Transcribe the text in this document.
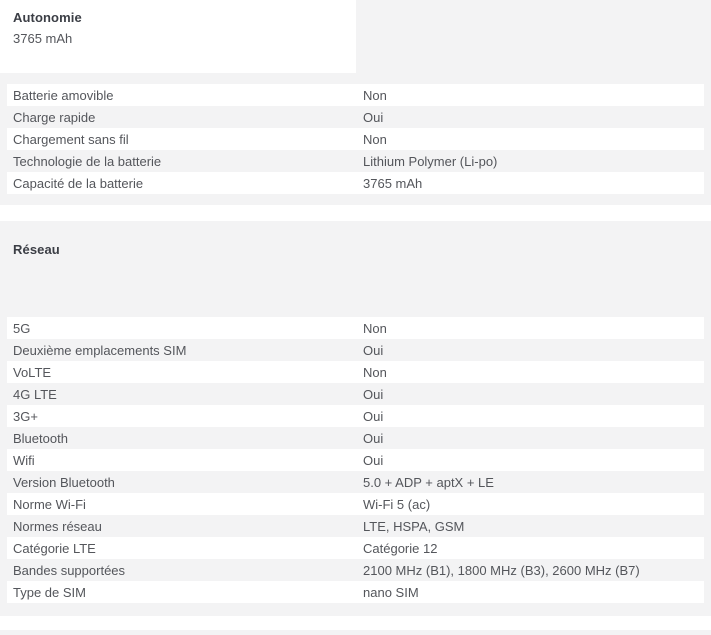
Autonomie
3765 mAh
Batterie amovible	Non
Charge rapide	Oui
Chargement sans fil	Non
Technologie de la batterie	Lithium Polymer (Li-po)
Capacité de la batterie	3765 mAh
Réseau
5G	Non
Deuxième emplacements SIM	Oui
VoLTE	Non
4G LTE	Oui
3G+	Oui
Bluetooth	Oui
Wifi	Oui
Version Bluetooth	5.0 + ADP + aptX + LE
Norme Wi-Fi	Wi-Fi 5 (ac)
Normes réseau	LTE, HSPA, GSM
Catégorie LTE	Catégorie 12
Bandes supportées	2100 MHz (B1), 1800 MHz (B3), 2600 MHz (B7)
Type de SIM	nano SIM
